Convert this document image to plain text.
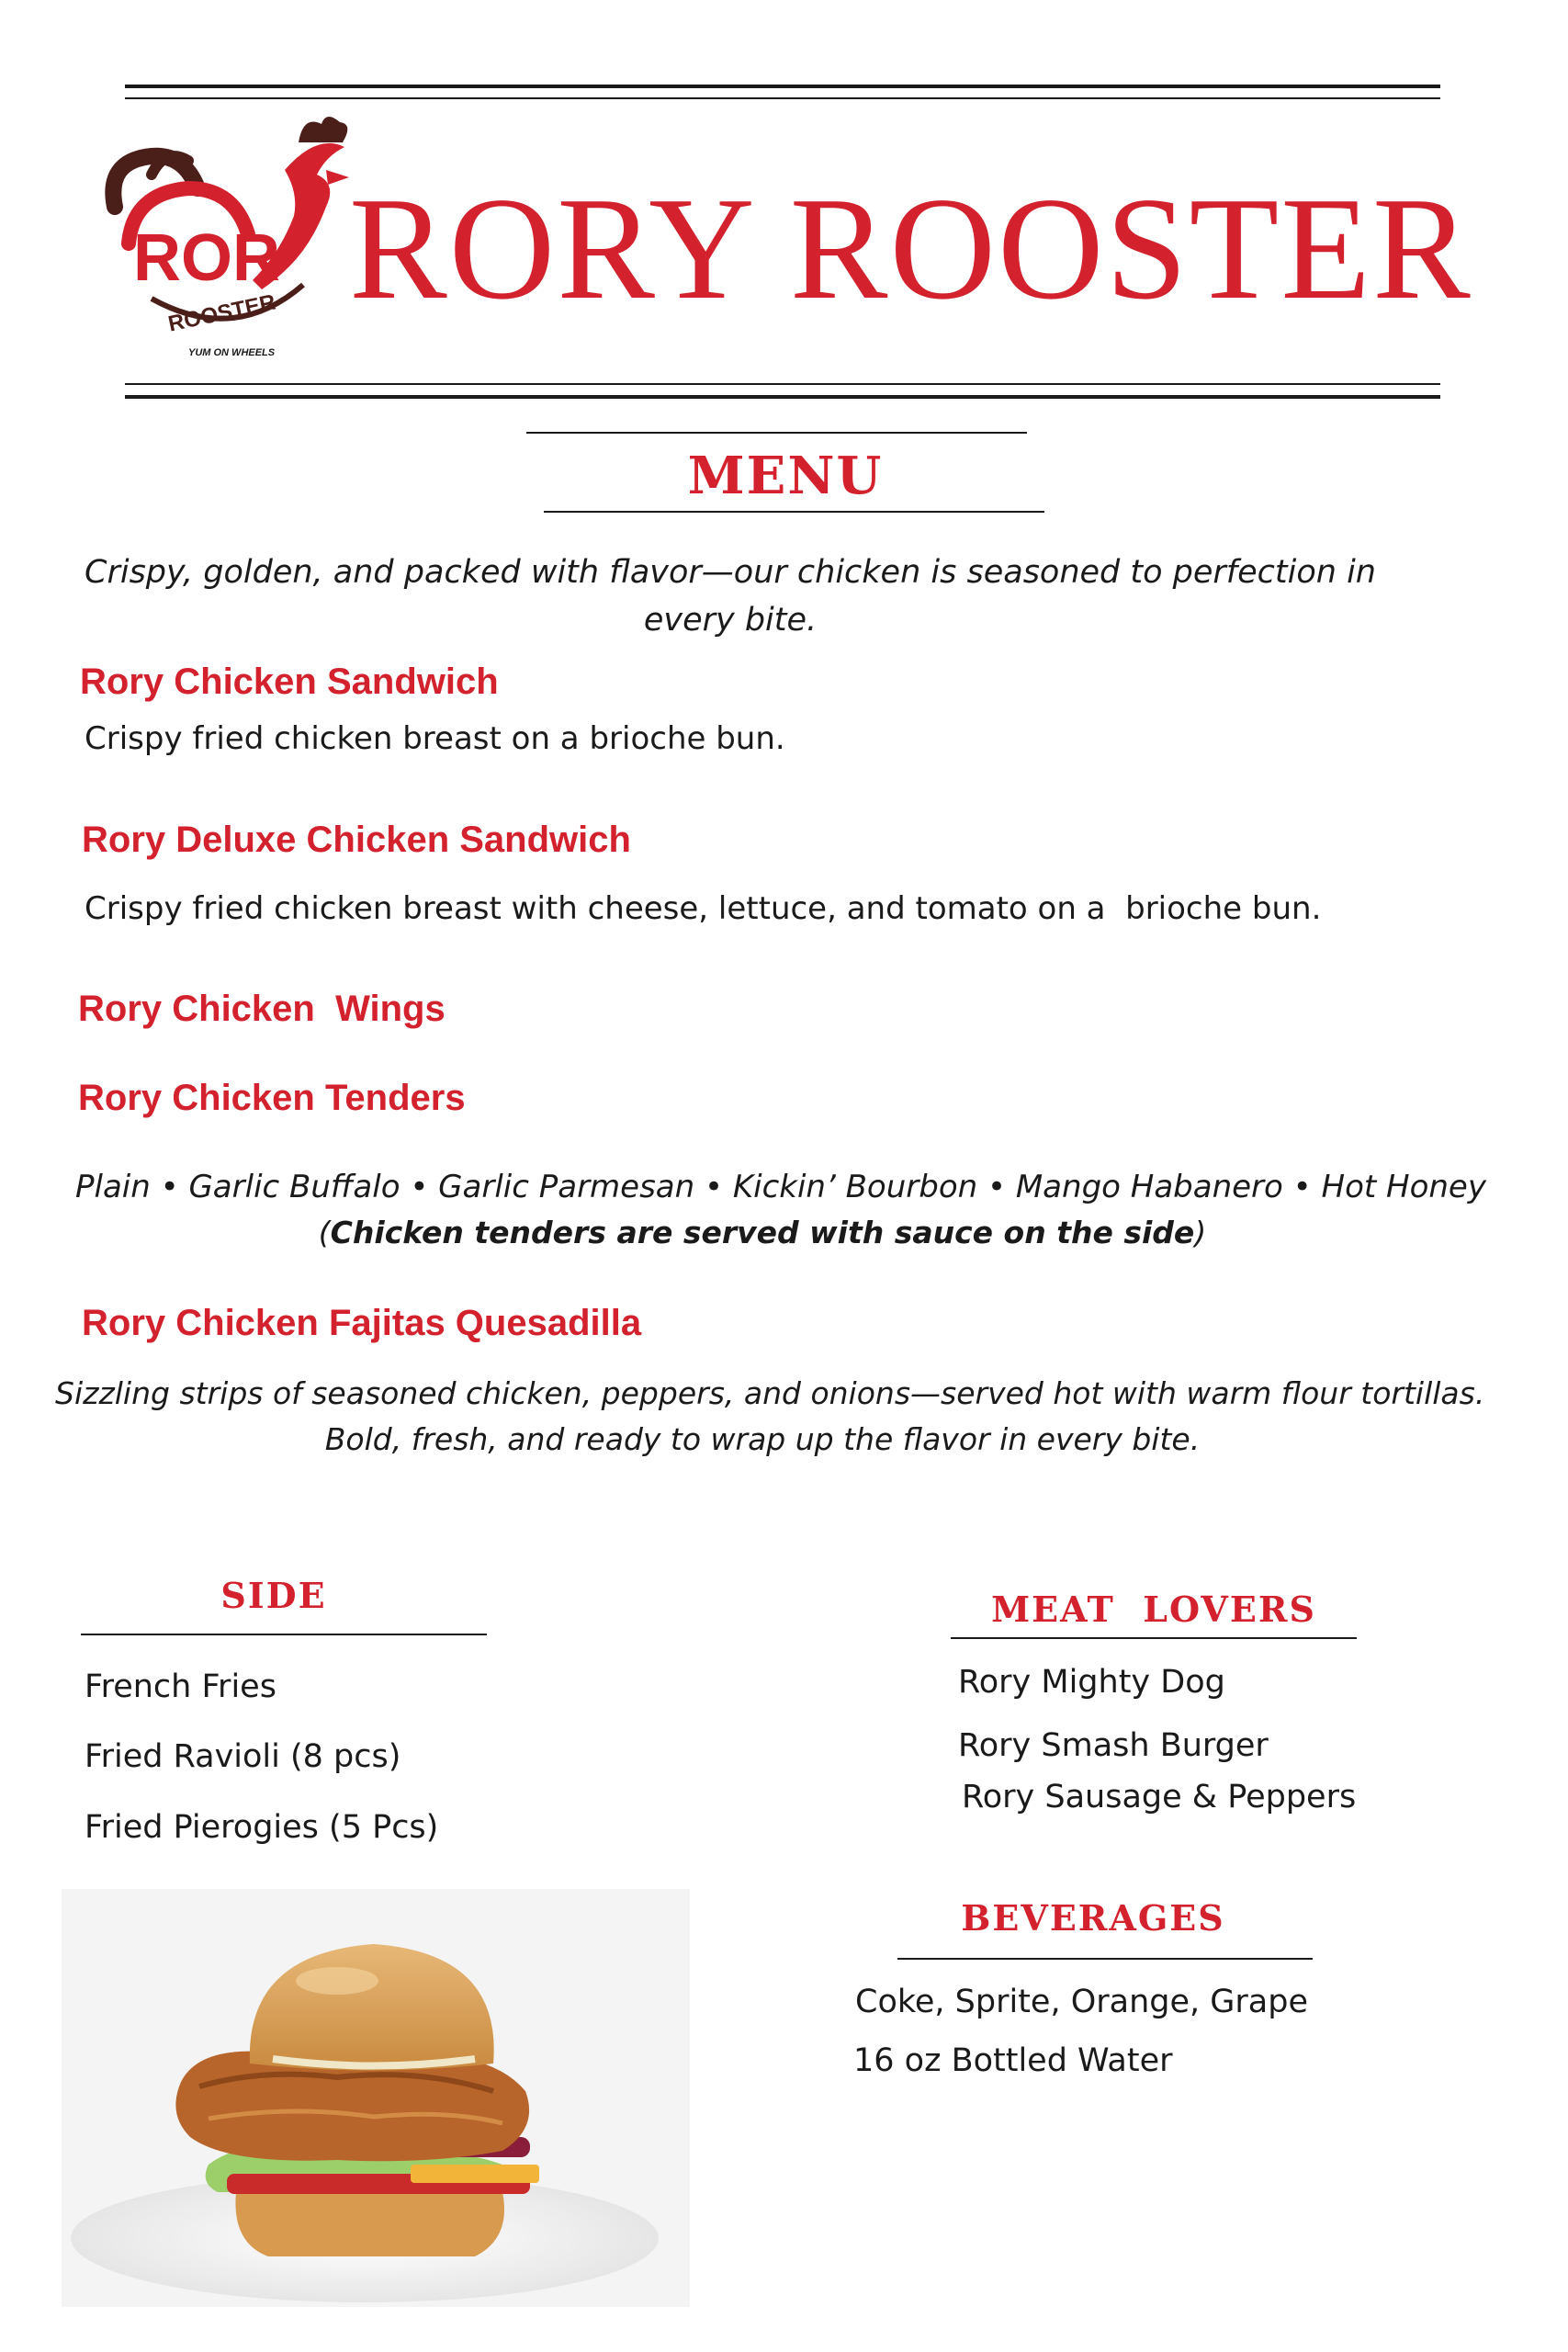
ROR
ROOSTER
YUM ON WHEELS
RORY ROOSTER
MENU
Crispy, golden, and packed with flavor—our chicken is seasoned to perfection in every bite.
Rory Chicken Sandwich
Crispy fried chicken breast on a brioche bun.
Rory Deluxe Chicken Sandwich
Crispy fried chicken breast with cheese, lettuce, and tomato on a  brioche bun.
Rory Chicken  Wings
Rory Chicken Tenders
Plain • Garlic Buffalo • Garlic Parmesan • Kickin’ Bourbon • Mango Habanero • Hot Honey
(Chicken tenders are served with sauce on the side)
Rory Chicken Fajitas Quesadilla
Sizzling strips of seasoned chicken, peppers, and onions—served hot with warm flour tortillas.
Bold, fresh, and ready to wrap up the flavor in every bite.
SIDE
French Fries
Fried Ravioli (8 pcs)
Fried Pierogies (5 Pcs)
MEAT  LOVERS
Rory Mighty Dog
Rory Smash Burger
Rory Sausage & Peppers
BEVERAGES
Coke, Sprite, Orange, Grape
16 oz Bottled Water
